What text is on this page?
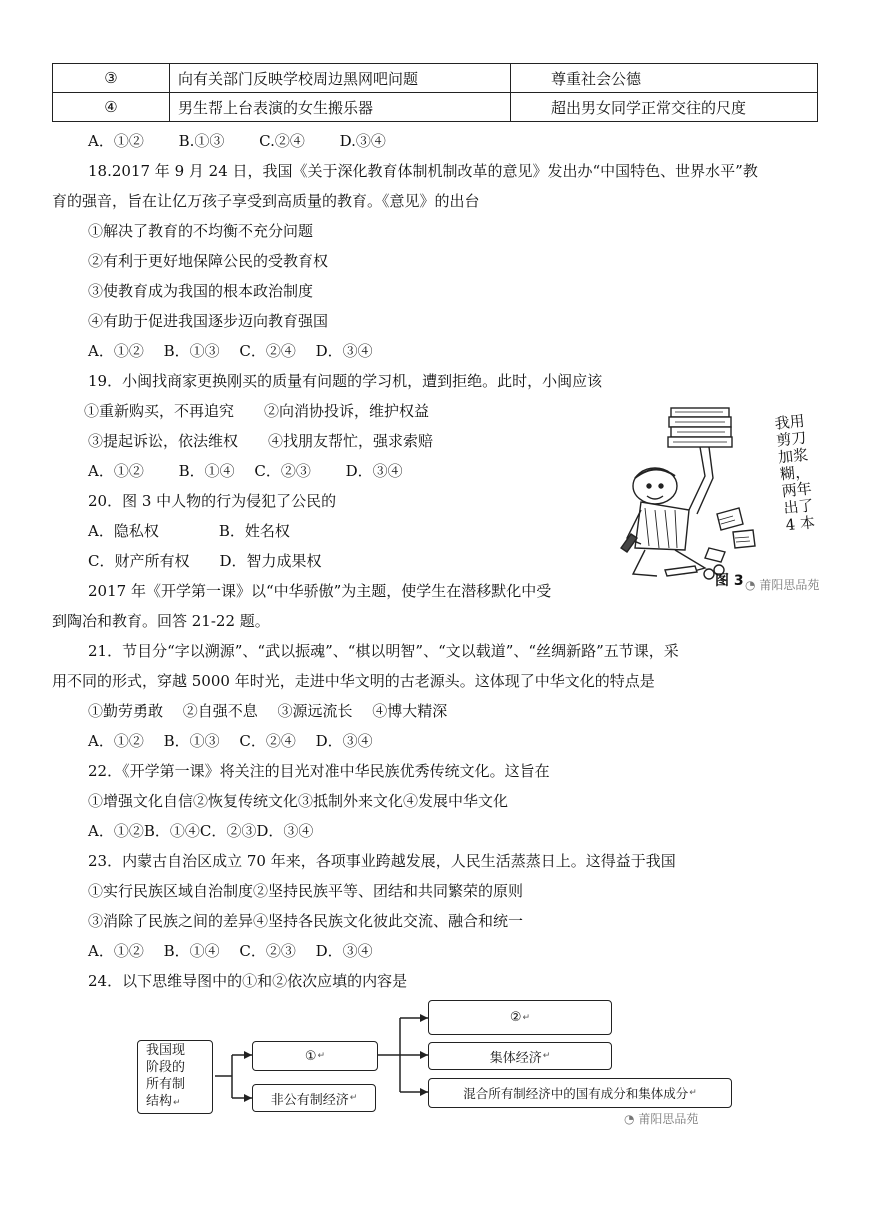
③	向有关部门反映学校周边黑网吧问题	尊重社会公德
④	男生帮上台表演的女生搬乐器	超出男女同学正常交往的尺度
A．①②　　 B.①③　　 C.②④　　 D.③④
18.2017 年 9 月 24 日，我国《关于深化教育体制机制改革的意见》发出办“中国特色、世界水平”教
育的强音，旨在让亿万孩子享受到高质量的教育。《意见》的出台
①解决了教育的不均衡不充分问题
②有利于更好地保障公民的受教育权
③使教育成为我国的根本政治制度
④有助于促进我国逐步迈向教育强国
A．①②　 B．①③　 C．②④　 D．③④
19．小闽找商家更换刚买的质量有问题的学习机，遭到拒绝。此时，小闽应该
①重新购买，不再追究　　②向消协投诉，维护权益
③提起诉讼，依法维权　　④找朋友帮忙，强求索赔
A．①②　　 B．①④　 C．②③　　 D．③④
20．图 3 中人物的行为侵犯了公民的
A．隐私权　　　　B．姓名权
C．财产所有权　　D．智力成果权
我用
剪刀
加浆
糊，
两年
出了
4 本
图 3 ◔ 莆阳思品苑
2017 年《开学第一课》以“中华骄傲”为主题，使学生在潜移默化中受
到陶冶和教育。回答 21-22 题。
21．节目分“字以溯源”、“武以振魂”、“棋以明智”、“文以载道”、“丝绸新路”五节课，采
用不同的形式，穿越 5000 年时光，走进中华文明的古老源头。这体现了中华文化的特点是
①勤劳勇敢　 ②自强不息　 ③源远流长　 ④博大精深
A．①②　 B．①③　 C．②④　 D．③④
22．《开学第一课》将关注的目光对准中华民族优秀传统文化。这旨在
①增强文化自信②恢复传统文化③抵制外来文化④发展中华文化
A．①②B．①④C．②③D．③④
23．内蒙古自治区成立 70 年来，各项事业跨越发展，人民生活蒸蒸日上。这得益于我国
①实行民族区域自治制度②坚持民族平等、团结和共同繁荣的原则
③消除了民族之间的差异④坚持各民族文化彼此交流、融合和统一
A．①②　 B．①④　 C．②③　 D．③④
24．以下思维导图中的①和②依次应填的内容是
我国现
阶段的
所有制
结构↵
① ↵
非公有制经济 ↵
② ↵
集体经济 ↵
混合所有制经济中的国有成分和集体成分 ↵
◔ 莆阳思品苑
